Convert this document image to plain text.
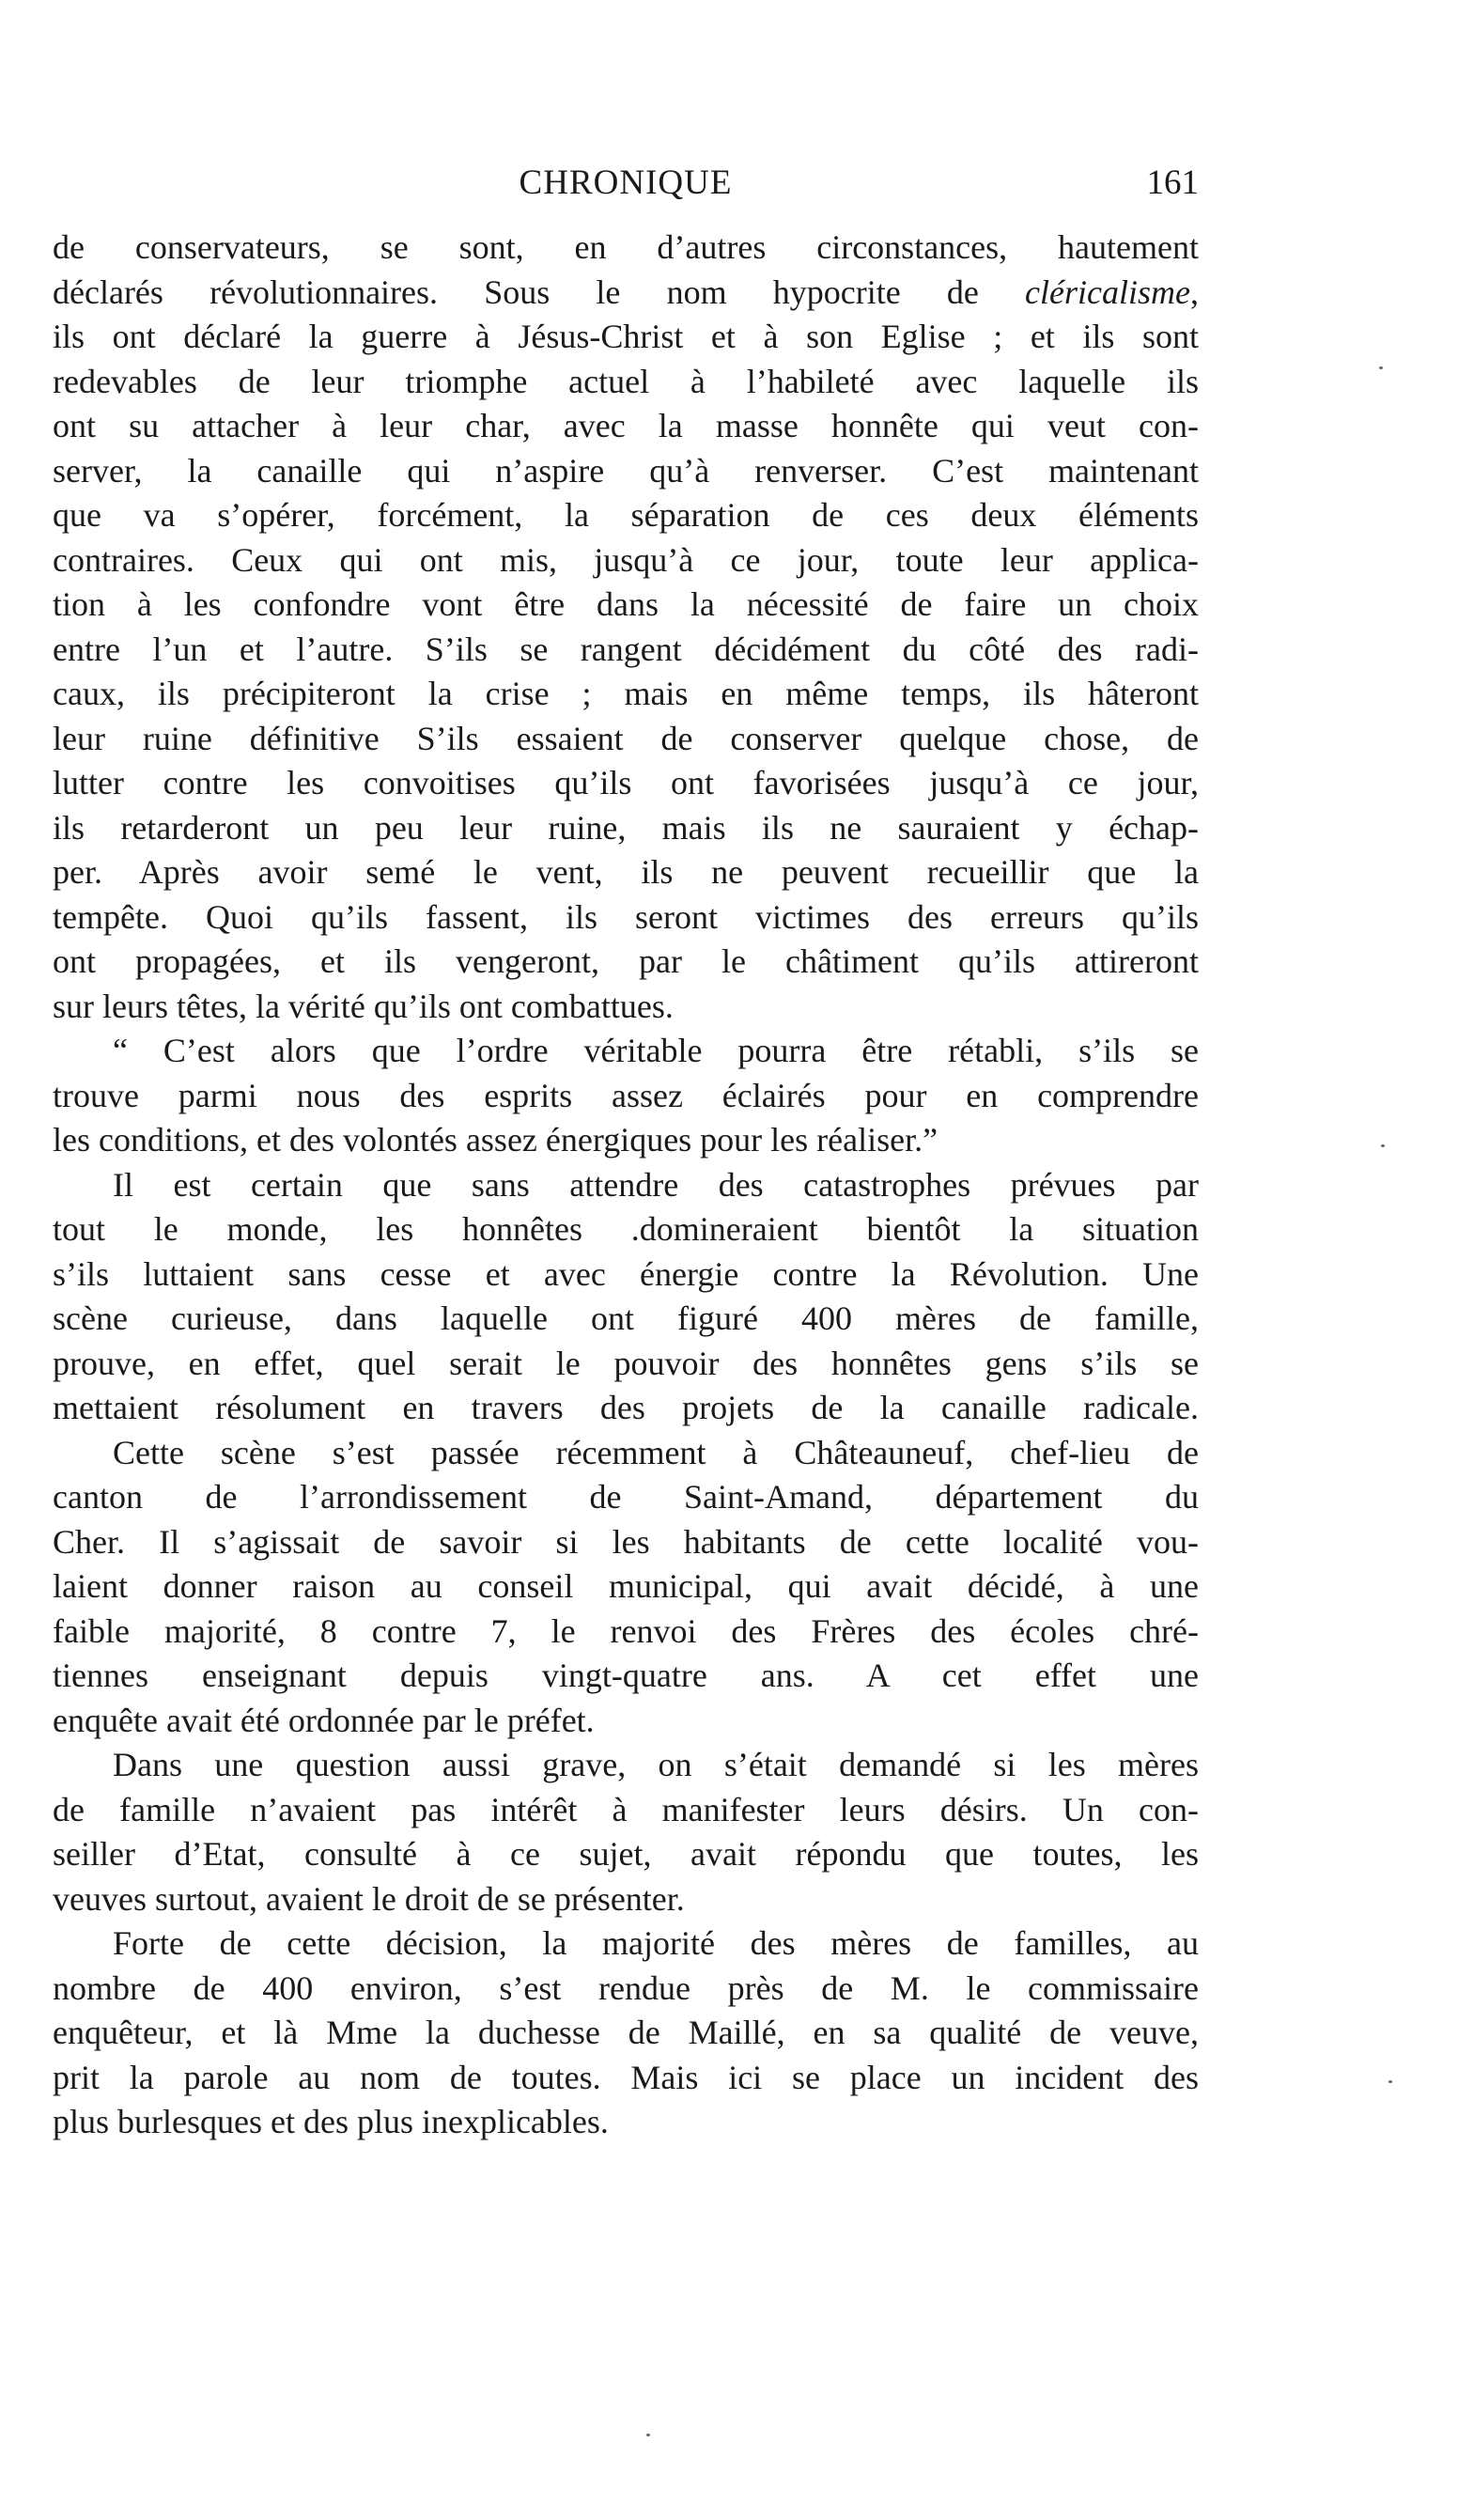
CHRONIQUE	161
de conservateurs, se sont, en d’autres circonstances, hautement
déclarés révolutionnaires. Sous le nom hypocrite de cléricalisme,
ils ont déclaré la guerre à Jésus-Christ et à son Eglise ; et ils sont
redevables de leur triomphe actuel à l’habileté avec laquelle ils
ont su attacher à leur char, avec la masse honnête qui veut con-
server, la canaille qui n’aspire qu’à renverser. C’est maintenant
que va s’opérer, forcément, la séparation de ces deux éléments
contraires. Ceux qui ont mis, jusqu’à ce jour, toute leur applica-
tion à les confondre vont être dans la nécessité de faire un choix
entre l’un et l’autre. S’ils se rangent décidément du côté des radi-
caux, ils précipiteront la crise ; mais en même temps, ils hâteront
leur ruine définitive S’ils essaient de conserver quelque chose, de
lutter contre les convoitises qu’ils ont favorisées jusqu’à ce jour,
ils retarderont un peu leur ruine, mais ils ne sauraient y échap-
per. Après avoir semé le vent, ils ne peuvent recueillir que la
tempête. Quoi qu’ils fassent, ils seront victimes des erreurs qu’ils
ont propagées, et ils vengeront, par le châtiment qu’ils attireront
sur leurs têtes, la vérité qu’ils ont combattues.
“ C’est alors que l’ordre véritable pourra être rétabli, s’ils se
trouve parmi nous des esprits assez éclairés pour en comprendre
les conditions, et des volontés assez énergiques pour les réaliser.”
Il est certain que sans attendre des catastrophes prévues par
tout le monde, les honnêtes .domineraient bientôt la situation
s’ils luttaient sans cesse et avec énergie contre la Révolution. Une
scène curieuse, dans laquelle ont figuré 400 mères de famille,
prouve, en effet, quel serait le pouvoir des honnêtes gens s’ils se
mettaient résolument en travers des projets de la canaille radicale.
Cette scène s’est passée récemment à Châteauneuf, chef-lieu de
canton de l’arrondissement de Saint-Amand, département du
Cher. Il s’agissait de savoir si les habitants de cette localité vou-
laient donner raison au conseil municipal, qui avait décidé, à une
faible majorité, 8 contre 7, le renvoi des Frères des écoles chré-
tiennes enseignant depuis vingt-quatre ans. A cet effet une
enquête avait été ordonnée par le préfet.
Dans une question aussi grave, on s’était demandé si les mères
de famille n’avaient pas intérêt à manifester leurs désirs. Un con-
seiller d’Etat, consulté à ce sujet, avait répondu que toutes, les
veuves surtout, avaient le droit de se présenter.
Forte de cette décision, la majorité des mères de familles, au
nombre de 400 environ, s’est rendue près de M. le commissaire
enquêteur, et là Mme la duchesse de Maillé, en sa qualité de veuve,
prit la parole au nom de toutes. Mais ici se place un incident des
plus burlesques et des plus inexplicables.
